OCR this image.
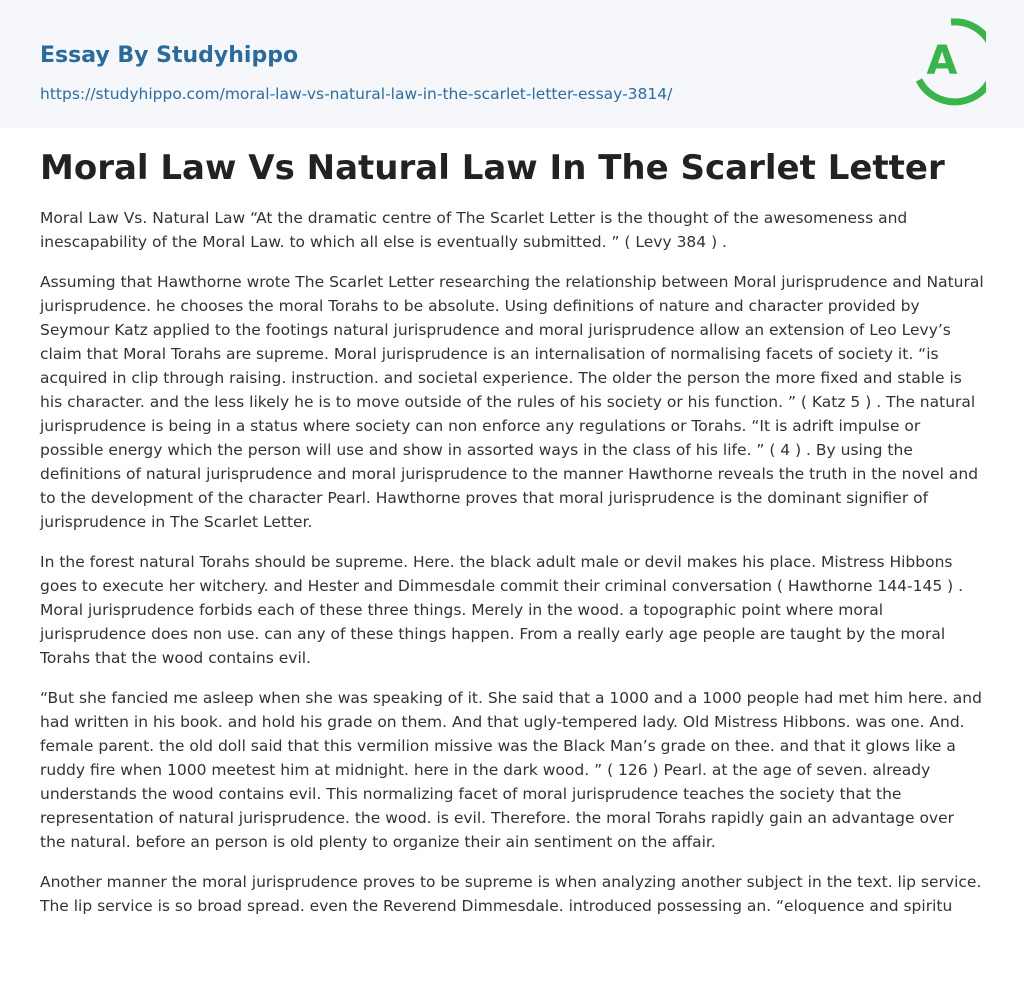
Essay By Studyhippo
https://studyhippo.com/moral-law-vs-natural-law-in-the-scarlet-letter-essay-3814/
A
Moral Law Vs Natural Law In The Scarlet Letter

Moral Law Vs. Natural Law “At the dramatic centre of The Scarlet Letter is the thought of the awesomeness and inescapability of the Moral Law. to which all else is eventually submitted. ” ( Levy 384 ) .

Assuming that Hawthorne wrote The Scarlet Letter researching the relationship between Moral jurisprudence and Natural jurisprudence. he chooses the moral Torahs to be absolute. Using definitions of nature and character provided by Seymour Katz applied to the footings natural jurisprudence and moral jurisprudence allow an extension of Leo Levy’s claim that Moral Torahs are supreme. Moral jurisprudence is an internalisation of normalising facets of society it. “is acquired in clip through raising. instruction. and societal experience. The older the person the more fixed and stable is his character. and the less likely he is to move outside of the rules of his society or his function. ” ( Katz 5 ) . The natural jurisprudence is being in a status where society can non enforce any regulations or Torahs. “It is adrift impulse or possible energy which the person will use and show in assorted ways in the class of his life. ” ( 4 ) . By using the definitions of natural jurisprudence and moral jurisprudence to the manner Hawthorne reveals the truth in the novel and to the development of the character Pearl. Hawthorne proves that moral jurisprudence is the dominant signifier of jurisprudence in The Scarlet Letter.

In the forest natural Torahs should be supreme. Here. the black adult male or devil makes his place. Mistress Hibbons goes to execute her witchery. and Hester and Dimmesdale commit their criminal conversation ( Hawthorne 144-145 ) . Moral jurisprudence forbids each of these three things. Merely in the wood. a topographic point where moral jurisprudence does non use. can any of these things happen. From a really early age people are taught by the moral Torahs that the wood contains evil.

“But she fancied me asleep when she was speaking of it. She said that a 1000 and a 1000 people had met him here. and had written in his book. and hold his grade on them. And that ugly-tempered lady. Old Mistress Hibbons. was one. And. female parent. the old doll said that this vermilion missive was the Black Man’s grade on thee. and that it glows like a ruddy fire when 1000 meetest him at midnight. here in the dark wood. ” ( 126 ) Pearl. at the age of seven. already understands the wood contains evil. This normalizing facet of moral jurisprudence teaches the society that the representation of natural jurisprudence. the wood. is evil. Therefore. the moral Torahs rapidly gain an advantage over the natural. before an person is old plenty to organize their ain sentiment on the affair.

Another manner the moral jurisprudence proves to be supreme is when analyzing another subject in the text. lip service. The lip service is so broad spread. even the Reverend Dimmesdale. introduced possessing an. “eloquence and spiritu
